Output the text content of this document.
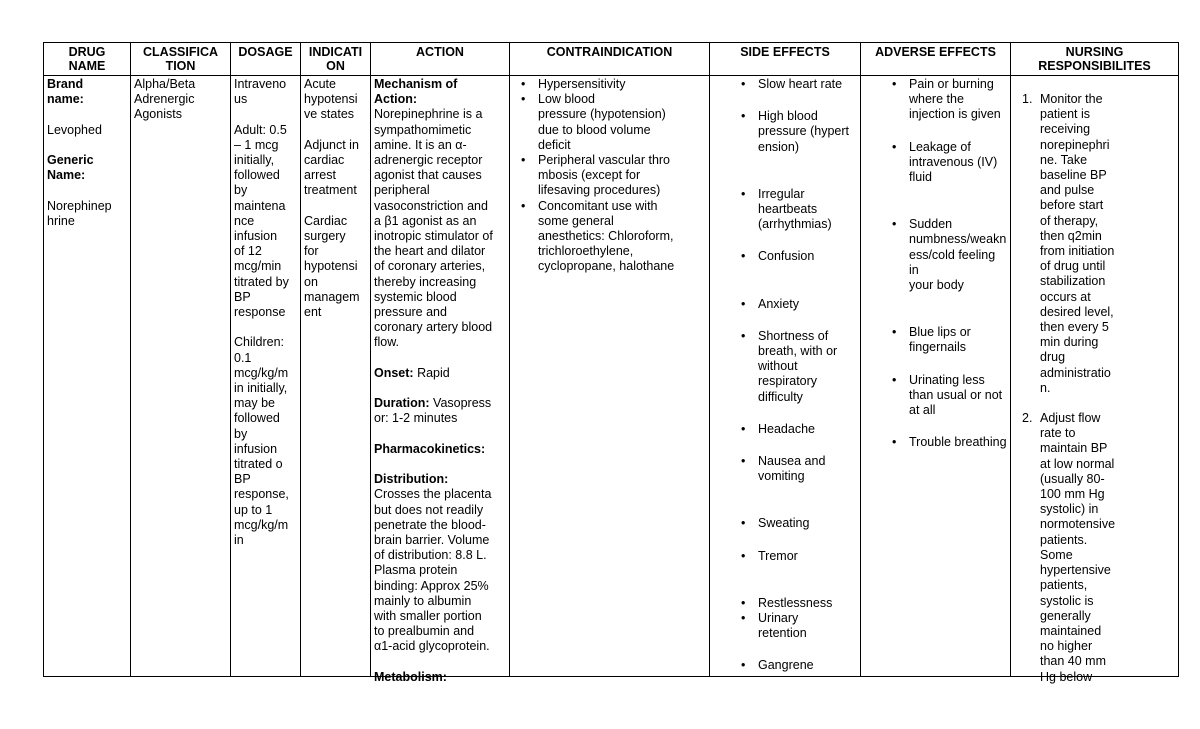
DRUG
NAME

Brand

name:

Levophed

Generic

Name:

Norephinep

hrine

CLASSIFICA
TION

Alpha/Beta

Adrenergic

Agonists

DOSAGE

Intraveno

us

Adult: 0.5

– 1 mcg

initially,

followed

by

maintena

nce

infusion

of 12

mcg/min

titrated by

BP

response

Children:

0.1

mcg/kg/m

in initially,

may be

followed

by

infusion

titrated o

BP

response,

up to 1

mcg/kg/m

in

INDICATI
ON

Acute

hypotensi

ve states

Adjunct in

cardiac

arrest

treatment

Cardiac

surgery

for

hypotensi

on

managem

ent

ACTION

Mechanism of

Action:

Norepinephrine is a

sympathomimetic

amine. It is an α-

adrenergic receptor

agonist that causes

peripheral

vasoconstriction and

a β1 agonist as an

inotropic stimulator of

the heart and dilator

of coronary arteries,

thereby increasing

systemic blood

pressure and

coronary artery blood

flow.

Onset: Rapid

Duration: Vasopress

or: 1-2 minutes

Pharmacokinetics:

Distribution:

Crosses the placenta

but does not readily

penetrate the blood-

brain barrier. Volume

of distribution: 8.8 L.

Plasma protein

binding: Approx 25%

mainly to albumin

with smaller portion

to prealbumin and

α1-acid glycoprotein.

Metabolism:

CONTRAINDICATION
• Hypersensitivity
• Low blood
pressure (hypotension)
due to blood volume
deficit
• Peripheral vascular thro
mbosis (except for
lifesaving procedures)
• Concomitant use with
some general
anesthetics: Chloroform,
trichloroethylene,
cyclopropane, halothane
SIDE EFFECTS
• Slow heart rate
• High blood
pressure (hypert
ension)
• Irregular
heartbeats
(arrhythmias)
• Confusion
• Anxiety
• Shortness of
breath, with or
without
respiratory
difficulty
• Headache
• Nausea and
vomiting
• Sweating
• Tremor
• Restlessness
• Urinary
retention
• Gangrene
ADVERSE EFFECTS
• Pain or burning
where the
injection is given
• Leakage of
intravenous (IV)
fluid
• Sudden
numbness/weakn
ess/cold feeling in
your body
• Blue lips or
fingernails
• Urinating less
than usual or not
at all
• Trouble breathing
NURSING
RESPONSIBILITES
1. Monitor the
patient is
receiving
norepinephri
ne. Take
baseline BP
and pulse
before start
of therapy,
then q2min
from initiation
of drug until
stabilization
occurs at
desired level,
then every 5
min during
drug
administratio
n.
2. Adjust flow
rate to
maintain BP
at low normal
(usually 80-
100 mm Hg
systolic) in
normotensive
patients.
Some
hypertensive
patients,
systolic is
generally
maintained
no higher
than 40 mm
Hg below
